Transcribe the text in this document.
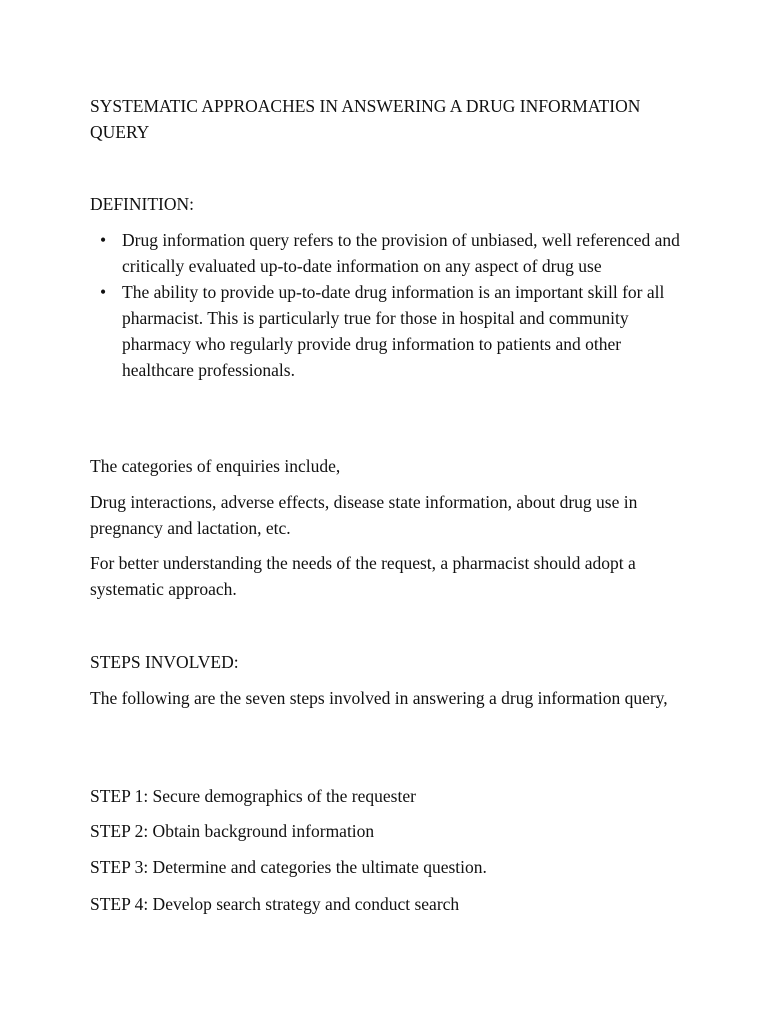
SYSTEMATIC APPROACHES IN ANSWERING A DRUG INFORMATION QUERY

DEFINITION:

• Drug information query refers to the provision of unbiased, well referenced and critically evaluated up-to-date information on any aspect of drug use
• The ability to provide up-to-date drug information is an important skill for all pharmacist. This is particularly true for those in hospital and community pharmacy who regularly provide drug information to patients and other healthcare professionals.

The categories of enquiries include,

Drug interactions, adverse effects, disease state information, about drug use in pregnancy and lactation, etc.

For better understanding the needs of the request, a pharmacist should adopt a systematic approach.

STEPS INVOLVED:

The following are the seven steps involved in answering a drug information query,

STEP 1: Secure demographics of the requester

STEP 2: Obtain background information

STEP 3: Determine and categories the ultimate question.

STEP 4: Develop search strategy and conduct search
